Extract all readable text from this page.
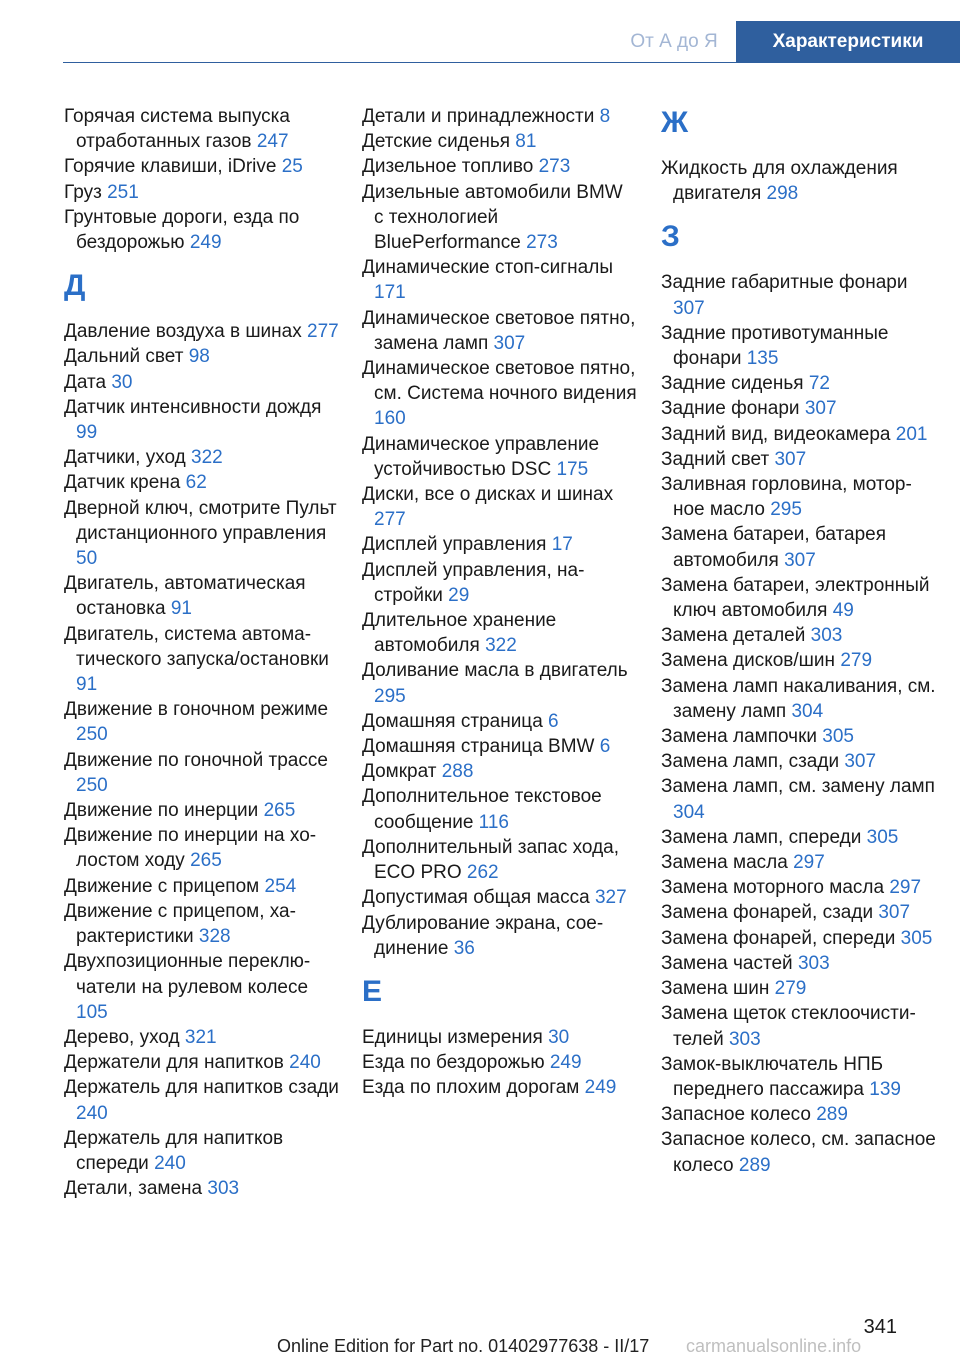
От А до Я	Характеристики
Горячая система выпуска отработанных газов 247
Горячие клавиши, iDrive 25
Груз 251
Грунтовые дороги, езда по бездорожью 249
Д
Давление воздуха в шинах 277
Дальний свет 98
Дата 30
Датчик интенсивности дождя 99
Датчики, уход 322
Датчик крена 62
Дверной ключ, смотрите Пульт дистанционного управления 50
Двигатель, автоматическая остановка 91
Двигатель, система автоматического запуска/остановки 91
Движение в гоночном режиме 250
Движение по гоночной трассе 250
Движение по инерции 265
Движение по инерции на холостом ходу 265
Движение с прицепом 254
Движение с прицепом, характеристики 328
Двухпозиционные переключатели на рулевом колесе 105
Дерево, уход 321
Держатели для напитков 240
Держатель для напитков сзади 240
Держатель для напитков спереди 240
Детали, замена 303
Детали и принадлежности 8
Детские сиденья 81
Дизельное топливо 273
Дизельные автомобили BMW с технологией BluePerformance 273
Динамические стоп-сигналы 171
Динамическое световое пятно, замена ламп 307
Динамическое световое пятно, см. Система ночного видения 160
Динамическое управление устойчивостью DSC 175
Диски, все о дисках и шинах 277
Дисплей управления 17
Дисплей управления, настройки 29
Длительное хранение автомобиля 322
Доливание масла в двигатель 295
Домашняя страница 6
Домашняя страница BMW 6
Домкрат 288
Дополнительное текстовое сообщение 116
Дополнительный запас хода, ECO PRO 262
Допустимая общая масса 327
Дублирование экрана, соединение 36
Е
Единицы измерения 30
Езда по бездорожью 249
Езда по плохим дорогам 249
Ж
Жидкость для охлаждения двигателя 298
З
Задние габаритные фонари 307
Задние противотуманные фонари 135
Задние сиденья 72
Задние фонари 307
Задний вид, видеокамера 201
Задний свет 307
Заливная горловина, моторное масло 295
Замена батареи, батарея автомобиля 307
Замена батареи, электронный ключ автомобиля 49
Замена деталей 303
Замена дисков/шин 279
Замена ламп накаливания, см. замену ламп 304
Замена лампочки 305
Замена ламп, сзади 307
Замена ламп, см. замену ламп 304
Замена ламп, спереди 305
Замена масла 297
Замена моторного масла 297
Замена фонарей, сзади 307
Замена фонарей, спереди 305
Замена частей 303
Замена шин 279
Замена щеток стеклоочистителей 303
Замок-выключатель НПБ переднего пассажира 139
Запасное колесо 289
Запасное колесо, см. запасное колесо 289
341
Online Edition for Part no. 01402977638 - II/17	carmanualsonline.info
